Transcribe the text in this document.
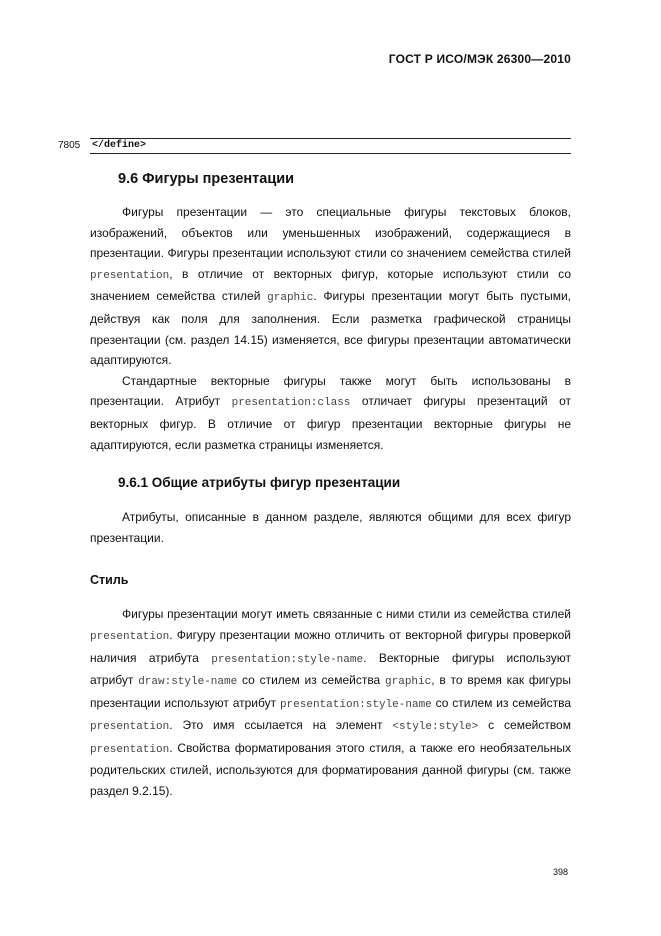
ГОСТ Р ИСО/МЭК 26300—2010
7805 </define>
9.6 Фигуры презентации

Фигуры презентации — это специальные фигуры текстовых блоков, изображений, объектов или уменьшенных изображений, содержащиеся в презентации. Фигуры презентации используют стили со значением семейства стилей presentation, в отличие от векторных фигур, которые используют стили со значением семейства стилей graphic. Фигуры презентации могут быть пустыми, действуя как поля для заполнения. Если разметка графической страницы презентации (см. раздел 14.15) изменяется, все фигуры презентации автоматически адаптируются.

Стандартные векторные фигуры также могут быть использованы в презентации. Атрибут presentation:class отличает фигуры презентаций от векторных фигур. В отличие от фигур презентации векторные фигуры не адаптируются, если разметка страницы изменяется.

9.6.1 Общие атрибуты фигур презентации

Атрибуты, описанные в данном разделе, являются общими для всех фигур презентации.

Стиль

Фигуры презентации могут иметь связанные с ними стили из семейства стилей presentation. Фигуру презентации можно отличить от векторной фигуры проверкой наличия атрибута presentation:style-name. Векторные фигуры используют атрибут draw:style-name со стилем из семейства graphic, в то время как фигуры презентации используют атрибут presentation:style-name со стилем из семейства presentation. Это имя ссылается на элемент <style:style> с семейством presentation. Свойства форматирования этого стиля, а также его необязательных родительских стилей, используются для форматирования данной фигуры (см. также раздел 9.2.15).

398
